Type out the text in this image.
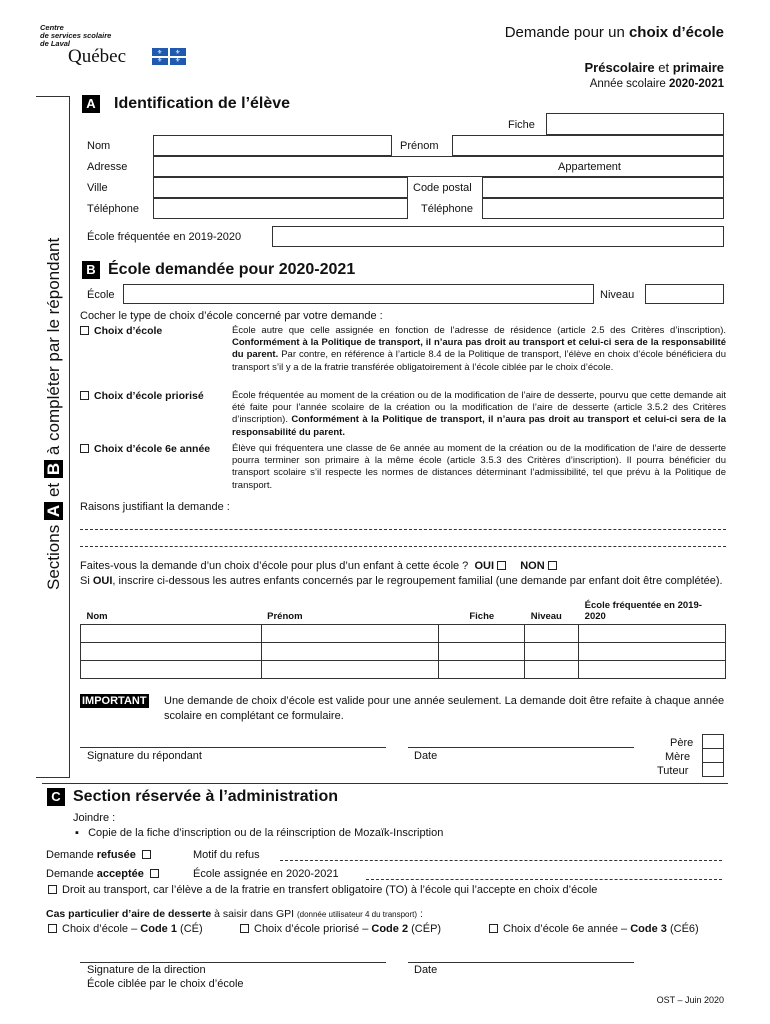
Centre
de services scolaire
de Laval
Québec	⚜ ⚜
⚜ ⚜
Demande pour un choix d’école
Préscolaire et primaire
Année scolaire 2020-2021
Sections A et B à compléter par le répondant
A Identification de l’élève
Fiche
Nom	Prénom
Adresse	Appartement
Ville	Code postal
Téléphone	Téléphone
École fréquentée en 2019-2020
B École demandée pour 2020-2021
École	Niveau
Cocher le type de choix d’école concerné par votre demande :
Choix d’école	École autre que celle assignée en fonction de l’adresse de résidence (article 2.5 des Critères d’inscription). Conformément à la Politique de transport, il n’aura pas droit au transport et celui-ci sera de la responsabilité du parent. Par contre, en référence à l’article 8.4 de la Politique de transport, l’élève en choix d’école bénéficiera du transport s’il y a de la fratrie transférée obligatoirement à l’école ciblée par le choix d’école.
Choix d’école priorisé	École fréquentée au moment de la création ou de la modification de l’aire de desserte, pourvu que cette demande ait été faite pour l’année scolaire de la création ou la modification de l’aire de desserte (article 3.5.2 des Critères d’inscription). Conformément à la Politique de transport, il n’aura pas droit au transport et celui-ci sera de la responsabilité du parent.
Choix d’école 6e année Élève qui fréquentera une classe de 6e année au moment de la création ou de la modification de l’aire de desserte pourra terminer son primaire à la même école (article 3.5.3 des Critères d’inscription). Il pourra bénéficier du transport scolaire s’il respecte les normes de distances déterminant l’admissibilité, tel que prévu à la Politique de transport.
Raisons justifiant la demande :
Faites-vous la demande d’un choix d’école pour plus d’un enfant à cette école ? OUI NON
Si OUI, inscrire ci-dessous les autres enfants concernés par le regroupement familial (une demande par enfant doit être complétée).
Nom	Prénom	Fiche	Niveau	École fréquentée en 2019-2020

IMPORTANT Une demande de choix d’école est valide pour une année seulement. La demande doit être refaite à chaque année scolaire en complétant ce formulaire.
Signature du répondant	Date
Père
Mère
Tuteur
C Section réservée à l’administration
Joindre :
▪   Copie de la fiche d’inscription ou de la réinscription de Mozaïk-Inscription
Demande refusée	Motif du refus
Demande acceptée	École assignée en 2020-2021
Droit au transport, car l’élève a de la fratrie en transfert obligatoire (TO) à l’école qui l’accepte en choix d’école
Cas particulier d’aire de desserte à saisir dans GPI (donnée utilisateur 4 du transport) :
Choix d’école – Code 1 (CÉ)	Choix d’école priorisé – Code 2 (CÉP)	Choix d’école 6e année – Code 3 (CÉ6)
Signature de la direction
École ciblée par le choix d’école
Date
OST – Juin 2020
